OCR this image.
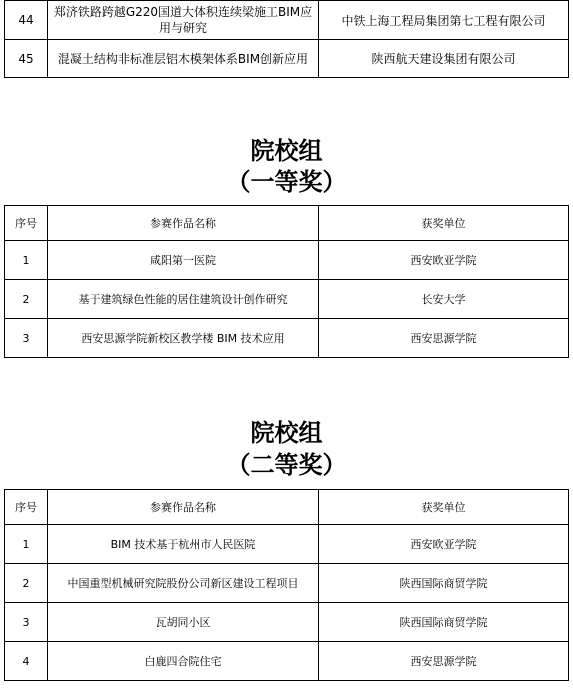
44	郑济铁路跨越G220国道大体积连续梁施工BIM应用与研究	中铁上海工程局集团第七工程有限公司
45	混凝土结构非标准层铝木模架体系BIM创新应用	陕西航天建设集团有限公司
院校组
（一等奖）
序号	参赛作品名称	获奖单位
1	咸阳第一医院	西安欧亚学院
2	基于建筑绿色性能的居住建筑设计创作研究	长安大学
3	西安思源学院新校区教学楼 BIM 技术应用	西安思源学院
院校组
（二等奖）
序号	参赛作品名称	获奖单位
1	BIM 技术基于杭州市人民医院	西安欧亚学院
2	中国重型机械研究院股份公司新区建设工程项目	陕西国际商贸学院
3	瓦胡同小区	陕西国际商贸学院
4	白鹿四合院住宅	西安思源学院
